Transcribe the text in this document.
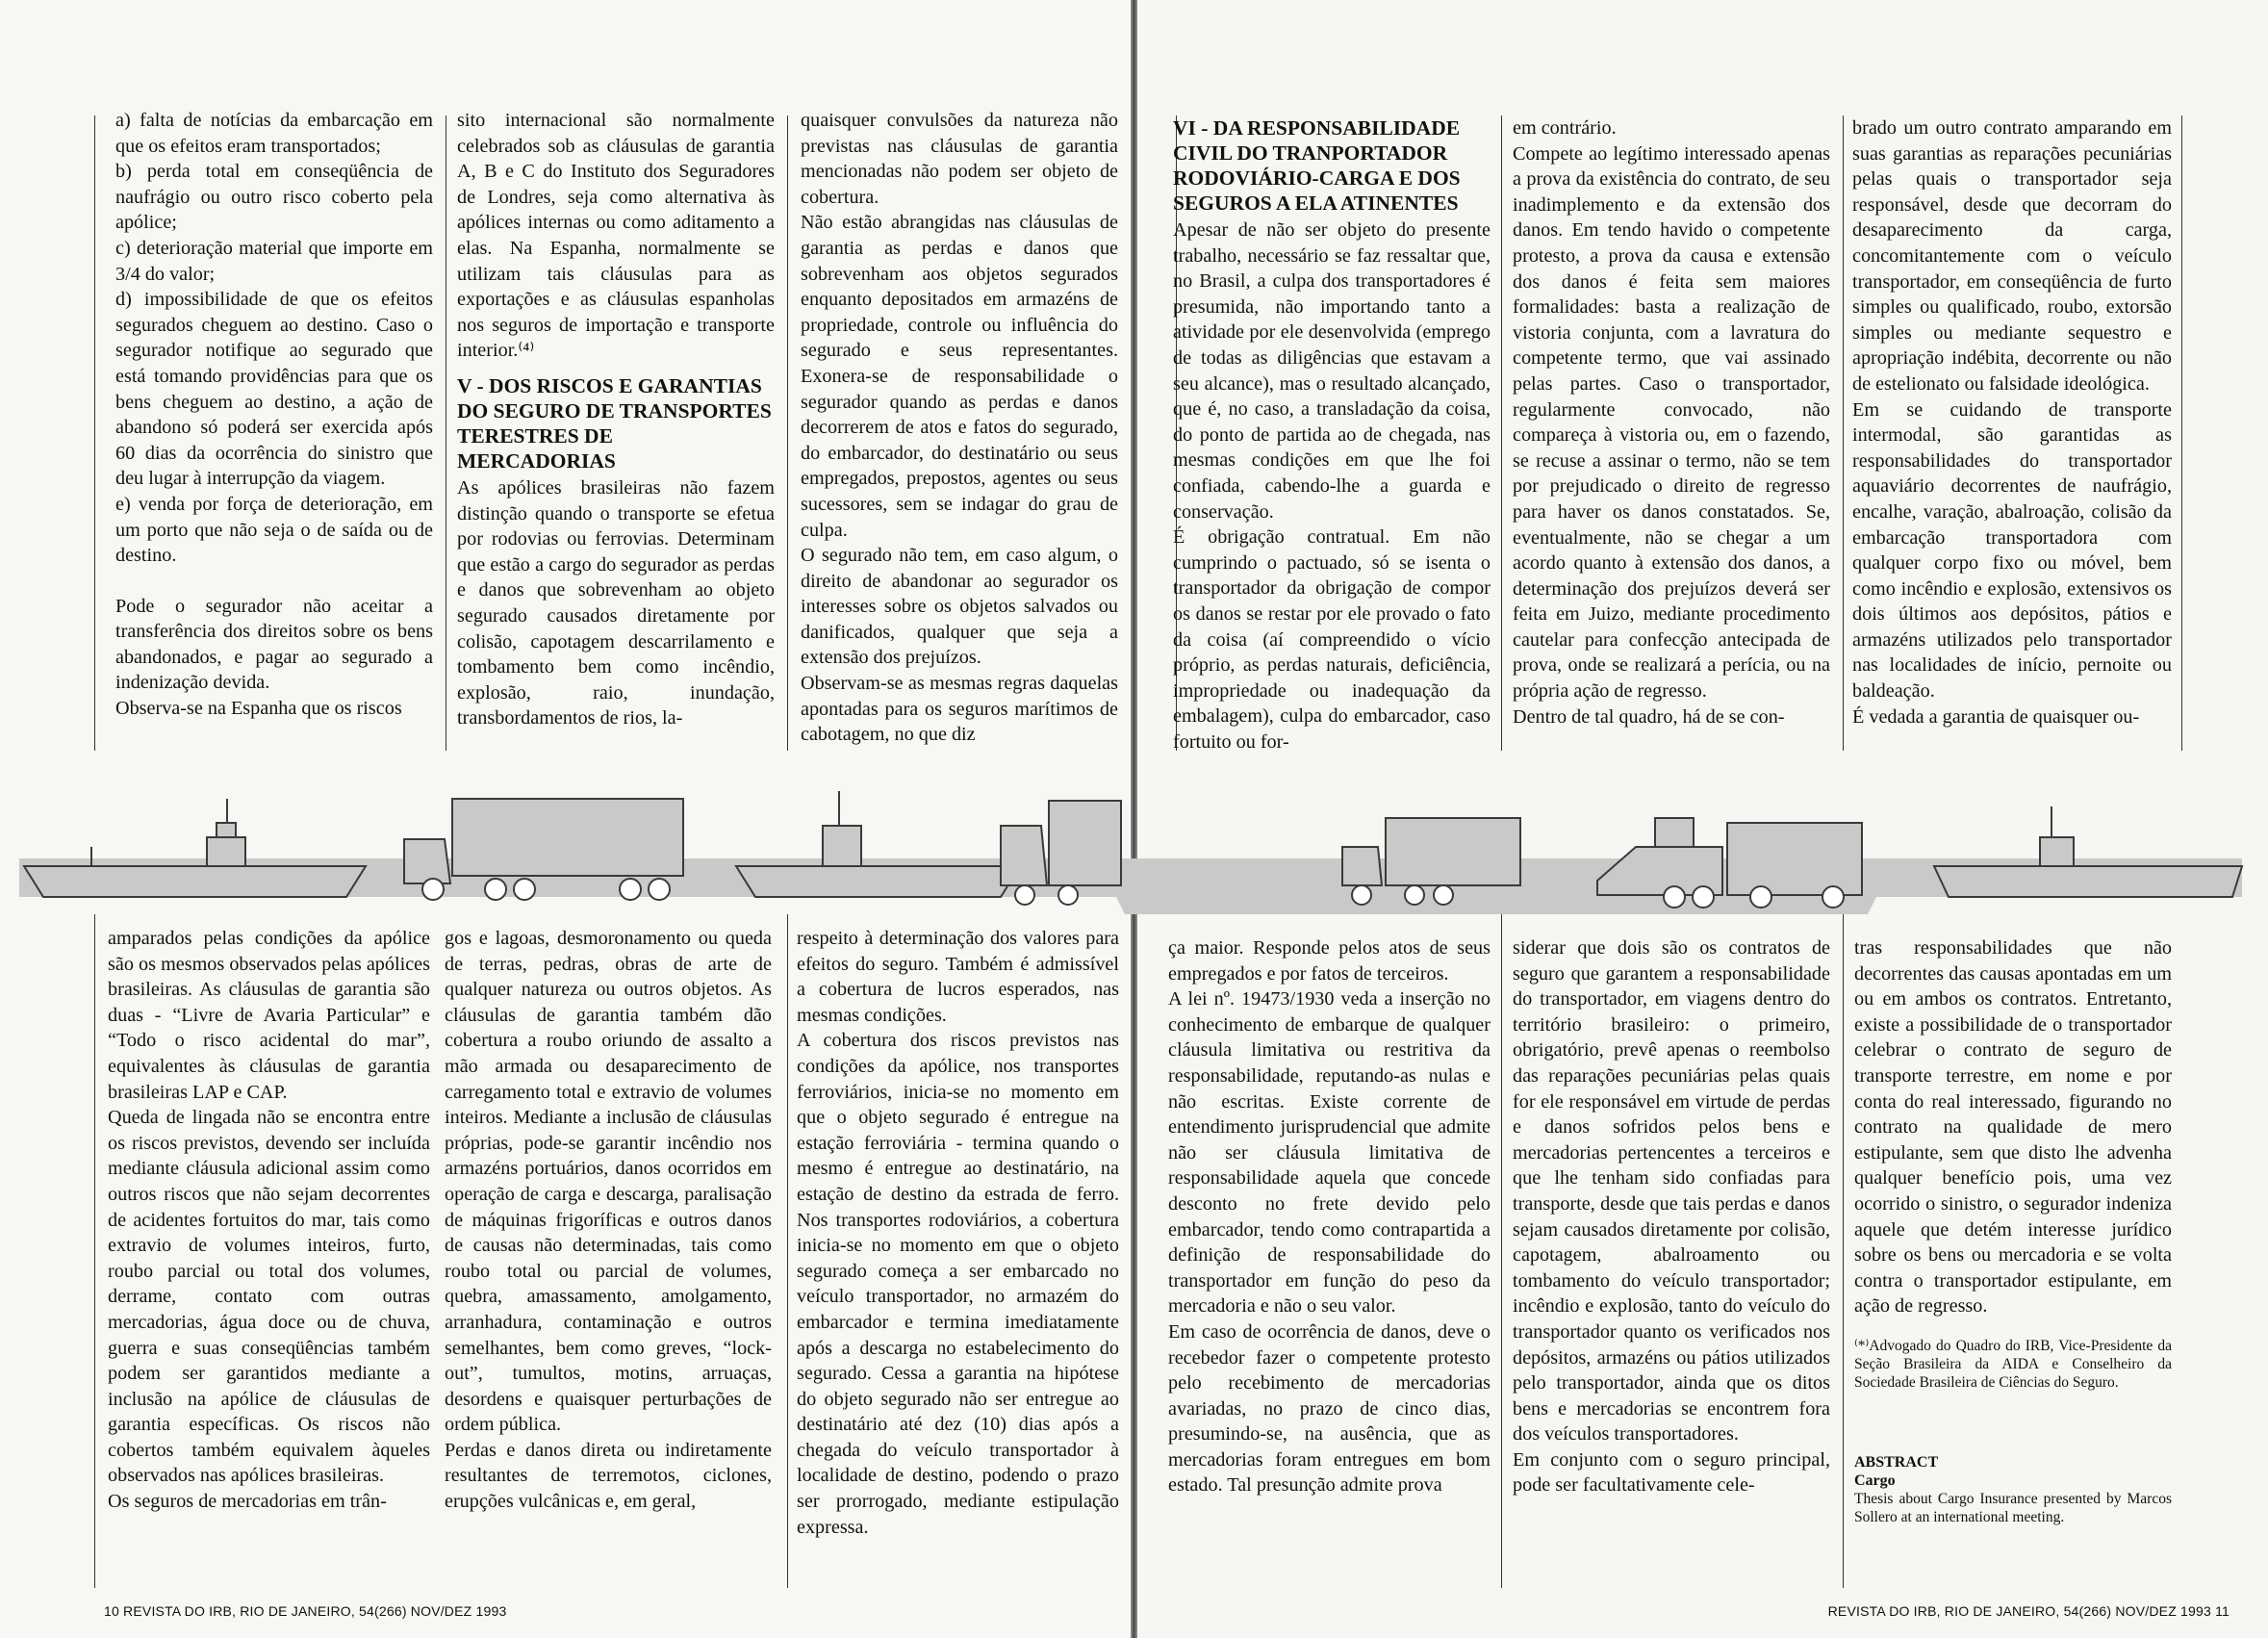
a) falta de notícias da embarcação em que os efeitos eram transportados;

b) perda total em conseqüência de naufrágio ou outro risco coberto pela apólice;

c) deterioração material que importe em 3/4 do valor;

d) impossibilidade de que os efeitos segurados cheguem ao destino. Caso o segurador notifique ao segurado que está tomando providências para que os bens cheguem ao destino, a ação de abandono só poderá ser exercida após 60 dias da ocorrência do sinistro que deu lugar à interrupção da viagem.

e) venda por força de deterioração, em um porto que não seja o de saída ou de destino.

Pode o segurador não aceitar a transferência dos direitos sobre os bens abandonados, e pagar ao segurado a indenização devida.

Observa-se na Espanha que os riscos

sito internacional são normalmente celebrados sob as cláusulas de garantia A, B e C do Instituto dos Seguradores de Londres, seja como alternativa às apólices internas ou como aditamento a elas. Na Espanha, normalmente se utilizam tais cláusulas para as exportações e as cláusulas espanholas nos seguros de importação e transporte interior.⁽⁴⁾

V - DOS RISCOS E GARANTIAS DO SEGURO DE TRANSPORTES TERESTRES DE MERCADORIAS

As apólices brasileiras não fazem distinção quando o transporte se efetua por rodovias ou ferrovias. Determinam que estão a cargo do segurador as perdas e danos que sobrevenham ao objeto segurado causados diretamente por colisão, capotagem descarrilamento e tombamento bem como incêndio, explosão, raio, inundação, transbordamentos de rios, la-

quaisquer convulsões da natureza não previstas nas cláusulas de garantia mencionadas não podem ser objeto de cobertura.

Não estão abrangidas nas cláusulas de garantia as perdas e danos que sobrevenham aos objetos segurados enquanto depositados em armazéns de propriedade, controle ou influência do segurado e seus representantes. Exonera-se de responsabilidade o segurador quando as perdas e danos decorrerem de atos e fatos do segurado, do embarcador, do destinatário ou seus empregados, prepostos, agentes ou seus sucessores, sem se indagar do grau de culpa.

O segurado não tem, em caso algum, o direito de abandonar ao segurador os interesses sobre os objetos salvados ou danificados, qualquer que seja a extensão dos prejuízos.

Observam-se as mesmas regras daquelas apontadas para os seguros marítimos de cabotagem, no que diz

amparados pelas condições da apólice são os mesmos observados pelas apólices brasileiras. As cláusulas de garantia são duas - “Livre de Avaria Particular” e “Todo o risco acidental do mar”, equivalentes às cláusulas de garantia brasileiras LAP e CAP.

Queda de lingada não se encontra entre os riscos previstos, devendo ser incluída mediante cláusula adicional assim como outros riscos que não sejam decorrentes de acidentes fortuitos do mar, tais como extravio de volumes inteiros, furto, roubo parcial ou total dos volumes, derrame, contato com outras mercadorias, água doce ou de chuva, guerra e suas conseqüências também podem ser garantidos mediante a inclusão na apólice de cláusulas de garantia específicas. Os riscos não cobertos também equivalem àqueles observados nas apólices brasileiras.

Os seguros de mercadorias em trân-

gos e lagoas, desmoronamento ou queda de terras, pedras, obras de arte de qualquer natureza ou outros objetos. As cláusulas de garantia também dão cobertura a roubo oriundo de assalto a mão armada ou desaparecimento de carregamento total e extravio de volumes inteiros. Mediante a inclusão de cláusulas próprias, pode-se garantir incêndio nos armazéns portuários, danos ocorridos em operação de carga e descarga, paralisação de máquinas frigoríficas e outros danos de causas não determinadas, tais como roubo total ou parcial de volumes, quebra, amassamento, amolgamento, arranhadura, contaminação e outros semelhantes, bem como greves, “lock-out”, tumultos, motins, arruaças, desordens e quaisquer perturbações de ordem pública.

Perdas e danos direta ou indiretamente resultantes de terremotos, ciclones, erupções vulcânicas e, em geral,

respeito à determinação dos valores para efeitos do seguro. Também é admissível a cobertura de lucros esperados, nas mesmas condições.

A cobertura dos riscos previstos nas condições da apólice, nos transportes ferroviários, inicia-se no momento em que o objeto segurado é entregue na estação ferroviária - termina quando o mesmo é entregue ao destinatário, na estação de destino da estrada de ferro. Nos transportes rodoviários, a cobertura inicia-se no momento em que o objeto segurado começa a ser embarcado no veículo transportador, no armazém do embarcador e termina imediatamente após a descarga no estabelecimento do segurado. Cessa a garantia na hipótese do objeto segurado não ser entregue ao destinatário até dez (10) dias após a chegada do veículo transportador à localidade de destino, podendo o prazo ser prorrogado, mediante estipulação expressa.

10 REVISTA DO IRB, RIO DE JANEIRO, 54(266) NOV/DEZ 1993
VI - DA RESPONSABILIDADE CIVIL DO TRANPORTADOR RODOVIÁRIO-CARGA E DOS SEGUROS A ELA ATINENTES

Apesar de não ser objeto do presente trabalho, necessário se faz ressaltar que, no Brasil, a culpa dos transportadores é presumida, não importando tanto a atividade por ele desenvolvida (emprego de todas as diligências que estavam a seu alcance), mas o resultado alcançado, que é, no caso, a transladação da coisa, do ponto de partida ao de chegada, nas mesmas condições em que lhe foi confiada, cabendo-lhe a guarda e conservação.

É obrigação contratual. Em não cumprindo o pactuado, só se isenta o transportador da obrigação de compor os danos se restar por ele provado o fato da coisa (aí compreendido o vício próprio, as perdas naturais, deficiência, impropriedade ou inadequação da embalagem), culpa do embarcador, caso fortuito ou for-

em contrário.

Compete ao legítimo interessado apenas a prova da existência do contrato, de seu inadimplemento e da extensão dos danos. Em tendo havido o competente protesto, a prova da causa e extensão dos danos é feita sem maiores formalidades: basta a realização de vistoria conjunta, com a lavratura do competente termo, que vai assinado pelas partes. Caso o transportador, regularmente convocado, não compareça à vistoria ou, em o fazendo, se recuse a assinar o termo, não se tem por prejudicado o direito de regresso para haver os danos constatados. Se, eventualmente, não se chegar a um acordo quanto à extensão dos danos, a determinação dos prejuízos deverá ser feita em Juizo, mediante procedimento cautelar para confecção antecipada de prova, onde se realizará a perícia, ou na própria ação de regresso.

Dentro de tal quadro, há de se con-

brado um outro contrato amparando em suas garantias as reparações pecuniárias pelas quais o transportador seja responsável, desde que decorram do desaparecimento da carga, concomitantemente com o veículo transportador, em conseqüência de furto simples ou qualificado, roubo, extorsão simples ou mediante sequestro e apropriação indébita, decorrente ou não de estelionato ou falsidade ideológica.

Em se cuidando de transporte intermodal, são garantidas as responsabilidades do transportador aquaviário decorrentes de naufrágio, encalhe, varação, abalroação, colisão da embarcação transportadora com qualquer corpo fixo ou móvel, bem como incêndio e explosão, extensivos os dois últimos aos depósitos, pátios e armazéns utilizados pelo transportador nas localidades de início, pernoite ou baldeação.

É vedada a garantia de quaisquer ou-

ça maior. Responde pelos atos de seus empregados e por fatos de terceiros.

A lei nº. 19473/1930 veda a inserção no conhecimento de embarque de qualquer cláusula limitativa ou restritiva da responsabilidade, reputando-as nulas e não escritas. Existe corrente de entendimento jurisprudencial que admite não ser cláusula limitativa de responsabilidade aquela que concede desconto no frete devido pelo embarcador, tendo como contrapartida a definição de responsabilidade do transportador em função do peso da mercadoria e não o seu valor.

Em caso de ocorrência de danos, deve o recebedor fazer o competente protesto pelo recebimento de mercadorias avariadas, no prazo de cinco dias, presumindo-se, na ausência, que as mercadorias foram entregues em bom estado. Tal presunção admite prova

siderar que dois são os contratos de seguro que garantem a responsabilidade do transportador, em viagens dentro do território brasileiro: o primeiro, obrigatório, prevê apenas o reembolso das reparações pecuniárias pelas quais for ele responsável em virtude de perdas e danos sofridos pelos bens e mercadorias pertencentes a terceiros e que lhe tenham sido confiadas para transporte, desde que tais perdas e danos sejam causados diretamente por colisão, capotagem, abalroamento ou tombamento do veículo transportador; incêndio e explosão, tanto do veículo do transportador quanto os verificados nos depósitos, armazéns ou pátios utilizados pelo transportador, ainda que os ditos bens e mercadorias se encontrem fora dos veículos transportadores.

Em conjunto com o seguro principal, pode ser facultativamente cele-

tras responsabilidades que não decorrentes das causas apontadas em um ou em ambos os contratos. Entretanto, existe a possibilidade de o transportador celebrar o contrato de seguro de transporte terrestre, em nome e por conta do real interessado, figurando no contrato na qualidade de mero estipulante, sem que disto lhe advenha qualquer benefício pois, uma vez ocorrido o sinistro, o segurador indeniza aquele que detém interesse jurídico sobre os bens ou mercadoria e se volta contra o transportador estipulante, em ação de regresso.

⁽*⁾Advogado do Quadro do IRB, Vice-Presidente da Seção Brasileira da AIDA e Conselheiro da Sociedade Brasileira de Ciências do Seguro.
ABSTRACT
Cargo
Thesis about Cargo Insurance presented by Marcos Sollero at an international meeting.
REVISTA DO IRB, RIO DE JANEIRO, 54(266) NOV/DEZ 1993 11
